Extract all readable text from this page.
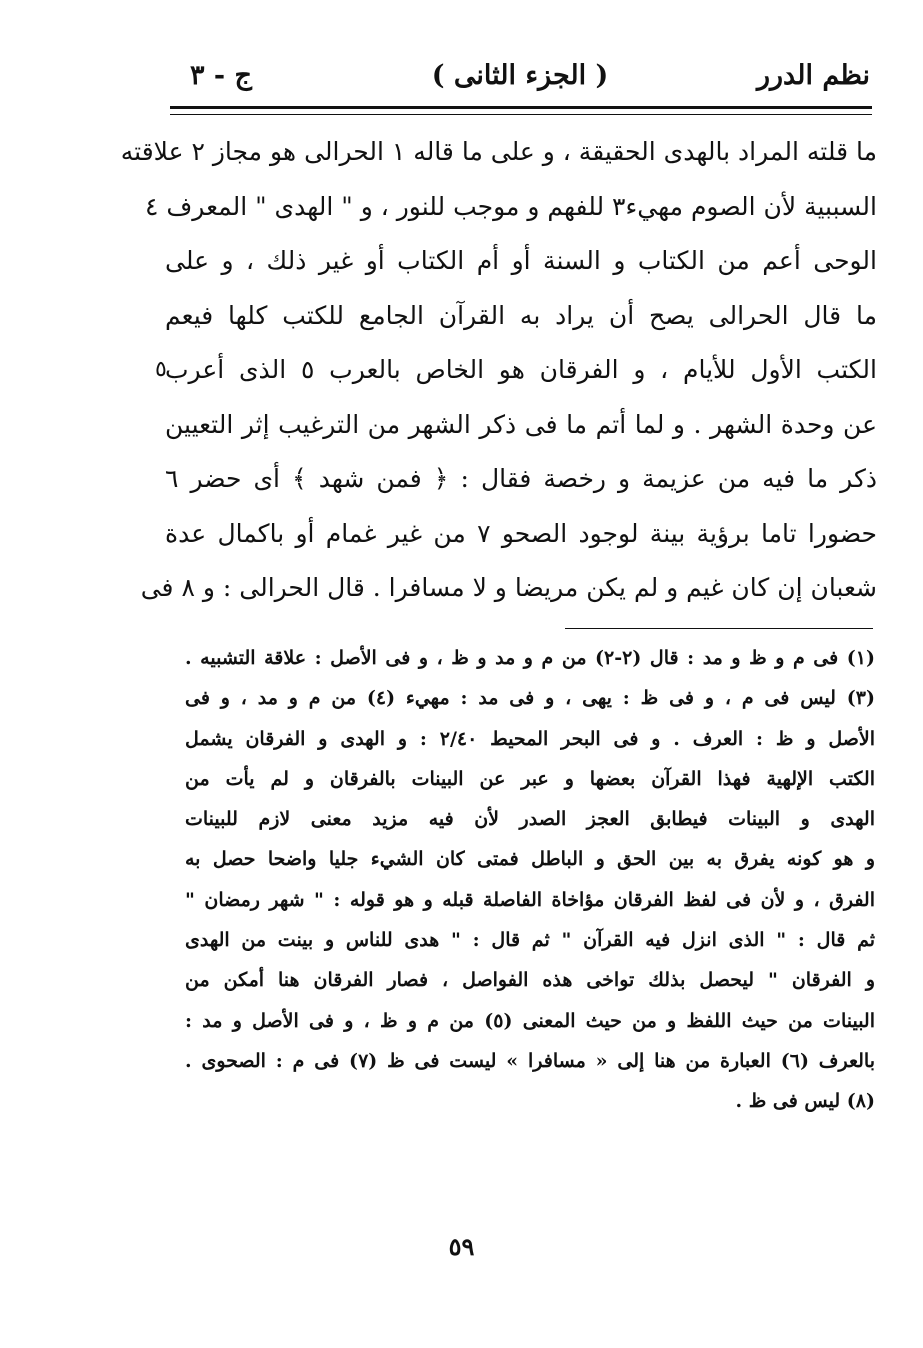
نظم الدرر
( الجزء الثانى )
ج - ٣
ما قلته المراد بالهدى الحقيقة ، و على ما قاله ١ الحرالى هو مجاز ٢ علاقته
السببية لأن الصوم مهيء٣ للفهم و موجب للنور ، و " الهدى " المعرف ٤
الوحى أعم من الكتاب و السنة أو أم الكتاب أو غير ذلك ، و على
ما قال الحرالى يصح أن يراد به القرآن الجامع للكتب كلها فيعم
الكتب الأول للأيام ، و الفرقان هو الخاص بالعرب ٥ الذى أعرب
٥
عن وحدة الشهر . و لما أتم ما فى ذكر الشهر من الترغيب إثر التعيين
ذكر ما فيه من عزيمة و رخصة فقال : ﴿ فمن شهد ﴾ أى حضر ٦
حضورا تاما برؤية بينة لوجود الصحو ٧ من غير غمام أو باكمال عدة
شعبان إن كان غيم و لم يكن مريضا و لا مسافرا . قال الحرالى : و ٨ فى
(١) فى م و ظ و مد : قال (٢-٢) من م و مد و ظ ، و فى الأصل : علاقة التشبيه .
(٣) ليس فى م ، و فى ظ : يهى ، و فى مد : مهيء (٤) من م و مد ، و فى
الأصل و ظ : العرف . و فى البحر المحيط ٢/٤٠ : و الهدى و الفرقان يشمل
الكتب الإلهية فهذا القرآن بعضها و عبر عن البينات بالفرقان و لم يأت من
الهدى و البينات فيطابق العجز الصدر لأن فيه مزيد معنى لازم للبينات
و هو كونه يفرق به بين الحق و الباطل فمتى كان الشيء جليا واضحا حصل به
الفرق ، و لأن فى لفظ الفرقان مؤاخاة الفاصلة قبله و هو قوله : " شهر رمضان "
ثم قال : " الذى انزل فيه القرآن " ثم قال : " هدى للناس و بينت من الهدى
و الفرقان " ليحصل بذلك تواخى هذه الفواصل ، فصار الفرقان هنا أمكن من
البينات من حيث اللفظ و من حيث المعنى (٥) من م و ظ ، و فى الأصل و مد :
بالعرف (٦) العبارة من هنا إلى « مسافرا » ليست فى ظ (٧) فى م : الصحوى .
(٨) ليس فى ظ .
٥٩
